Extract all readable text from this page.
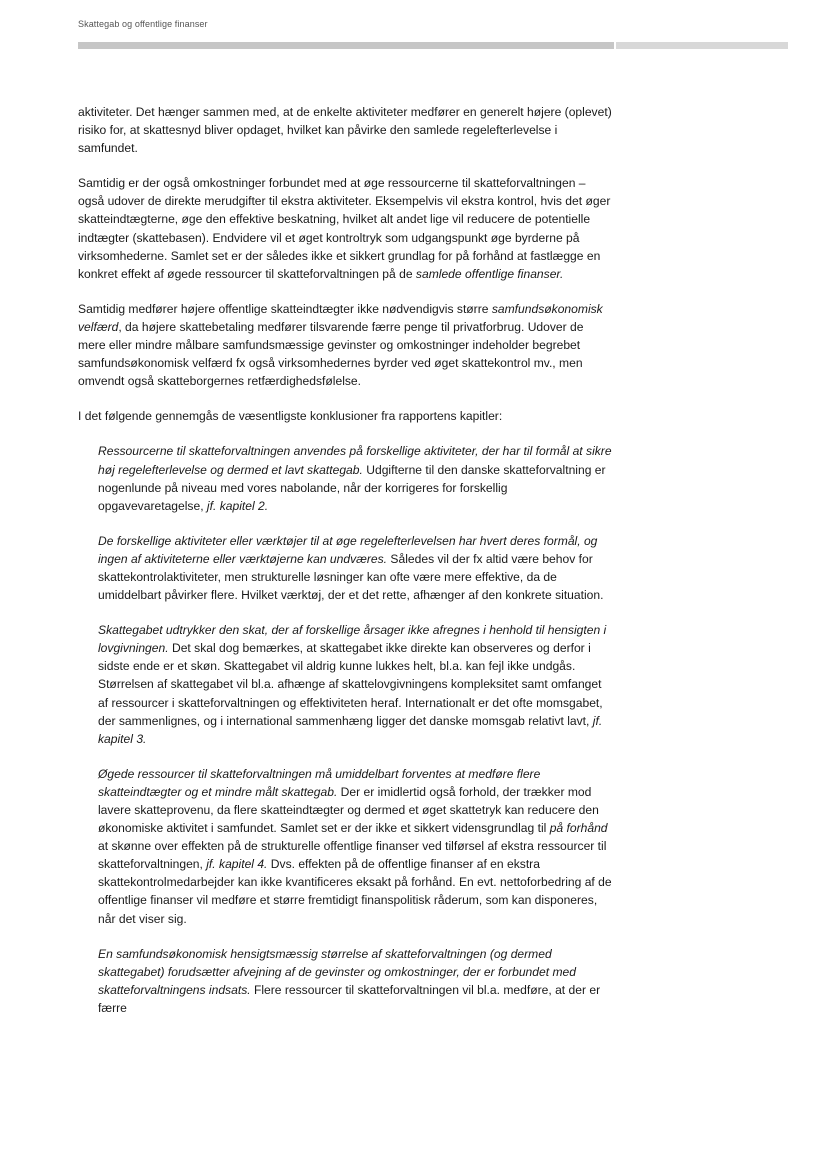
Skattegab og offentlige finanser

aktiviteter. Det hænger sammen med, at de enkelte aktiviteter medfører en generelt højere (oplevet) risiko for, at skattesnyd bliver opdaget, hvilket kan påvirke den samlede regelefterlevelse i samfundet.

Samtidig er der også omkostninger forbundet med at øge ressourcerne til skatteforvaltningen – også udover de direkte merudgifter til ekstra aktiviteter. Eksempelvis vil ekstra kontrol, hvis det øger skatteindtægterne, øge den effektive beskatning, hvilket alt andet lige vil reducere de potentielle indtægter (skattebasen). Endvidere vil et øget kontroltryk som udgangspunkt øge byrderne på virksomhederne. Samlet set er der således ikke et sikkert grundlag for på forhånd at fastlægge en konkret effekt af øgede ressourcer til skatteforvaltningen på de samlede offentlige finanser.

Samtidig medfører højere offentlige skatteindtægter ikke nødvendigvis større samfundsøkonomisk velfærd, da højere skattebetaling medfører tilsvarende færre penge til privatforbrug. Udover de mere eller mindre målbare samfundsmæssige gevinster og omkostninger indeholder begrebet samfundsøkonomisk velfærd fx også virksomhedernes byrder ved øget skattekontrol mv., men omvendt også skatteborgernes retfærdighedsfølelse.

I det følgende gennemgås de væsentligste konklusioner fra rapportens kapitler:

Ressourcerne til skatteforvaltningen anvendes på forskellige aktiviteter, der har til formål at sikre høj regelefterlevelse og dermed et lavt skattegab. Udgifterne til den danske skatteforvaltning er nogenlunde på niveau med vores nabolande, når der korrigeres for forskellig opgavevaretagelse, jf. kapitel 2.

De forskellige aktiviteter eller værktøjer til at øge regelefterlevelsen har hvert deres formål, og ingen af aktiviteterne eller værktøjerne kan undværes. Således vil der fx altid være behov for skattekontrolaktiviteter, men strukturelle løsninger kan ofte være mere effektive, da de umiddelbart påvirker flere. Hvilket værktøj, der et det rette, afhænger af den konkrete situation.

Skattegabet udtrykker den skat, der af forskellige årsager ikke afregnes i henhold til hensigten i lovgivningen. Det skal dog bemærkes, at skattegabet ikke direkte kan observeres og derfor i sidste ende er et skøn. Skattegabet vil aldrig kunne lukkes helt, bl.a. kan fejl ikke undgås. Størrelsen af skattegabet vil bl.a. afhænge af skattelovgivningens kompleksitet samt omfanget af ressourcer i skatteforvaltningen og effektiviteten heraf. Internationalt er det ofte momsgabet, der sammenlignes, og i international sammenhæng ligger det danske momsgab relativt lavt, jf. kapitel 3.

Øgede ressourcer til skatteforvaltningen må umiddelbart forventes at medføre flere skatteindtægter og et mindre målt skattegab. Der er imidlertid også forhold, der trækker mod lavere skatteprovenu, da flere skatteindtægter og dermed et øget skattetryk kan reducere den økonomiske aktivitet i samfundet. Samlet set er der ikke et sikkert vidensgrundlag til på forhånd at skønne over effekten på de strukturelle offentlige finanser ved tilførsel af ekstra ressourcer til skatteforvaltningen, jf. kapitel 4. Dvs. effekten på de offentlige finanser af en ekstra skattekontrolmedarbejder kan ikke kvantificeres eksakt på forhånd. En evt. nettoforbedring af de offentlige finanser vil medføre et større fremtidigt finanspolitisk råderum, som kan disponeres, når det viser sig.

En samfundsøkonomisk hensigtsmæssig størrelse af skatteforvaltningen (og dermed skattegabet) forudsætter afvejning af de gevinster og omkostninger, der er forbundet med skatteforvaltningens indsats. Flere ressourcer til skatteforvaltningen vil bl.a. medføre, at der er færre
